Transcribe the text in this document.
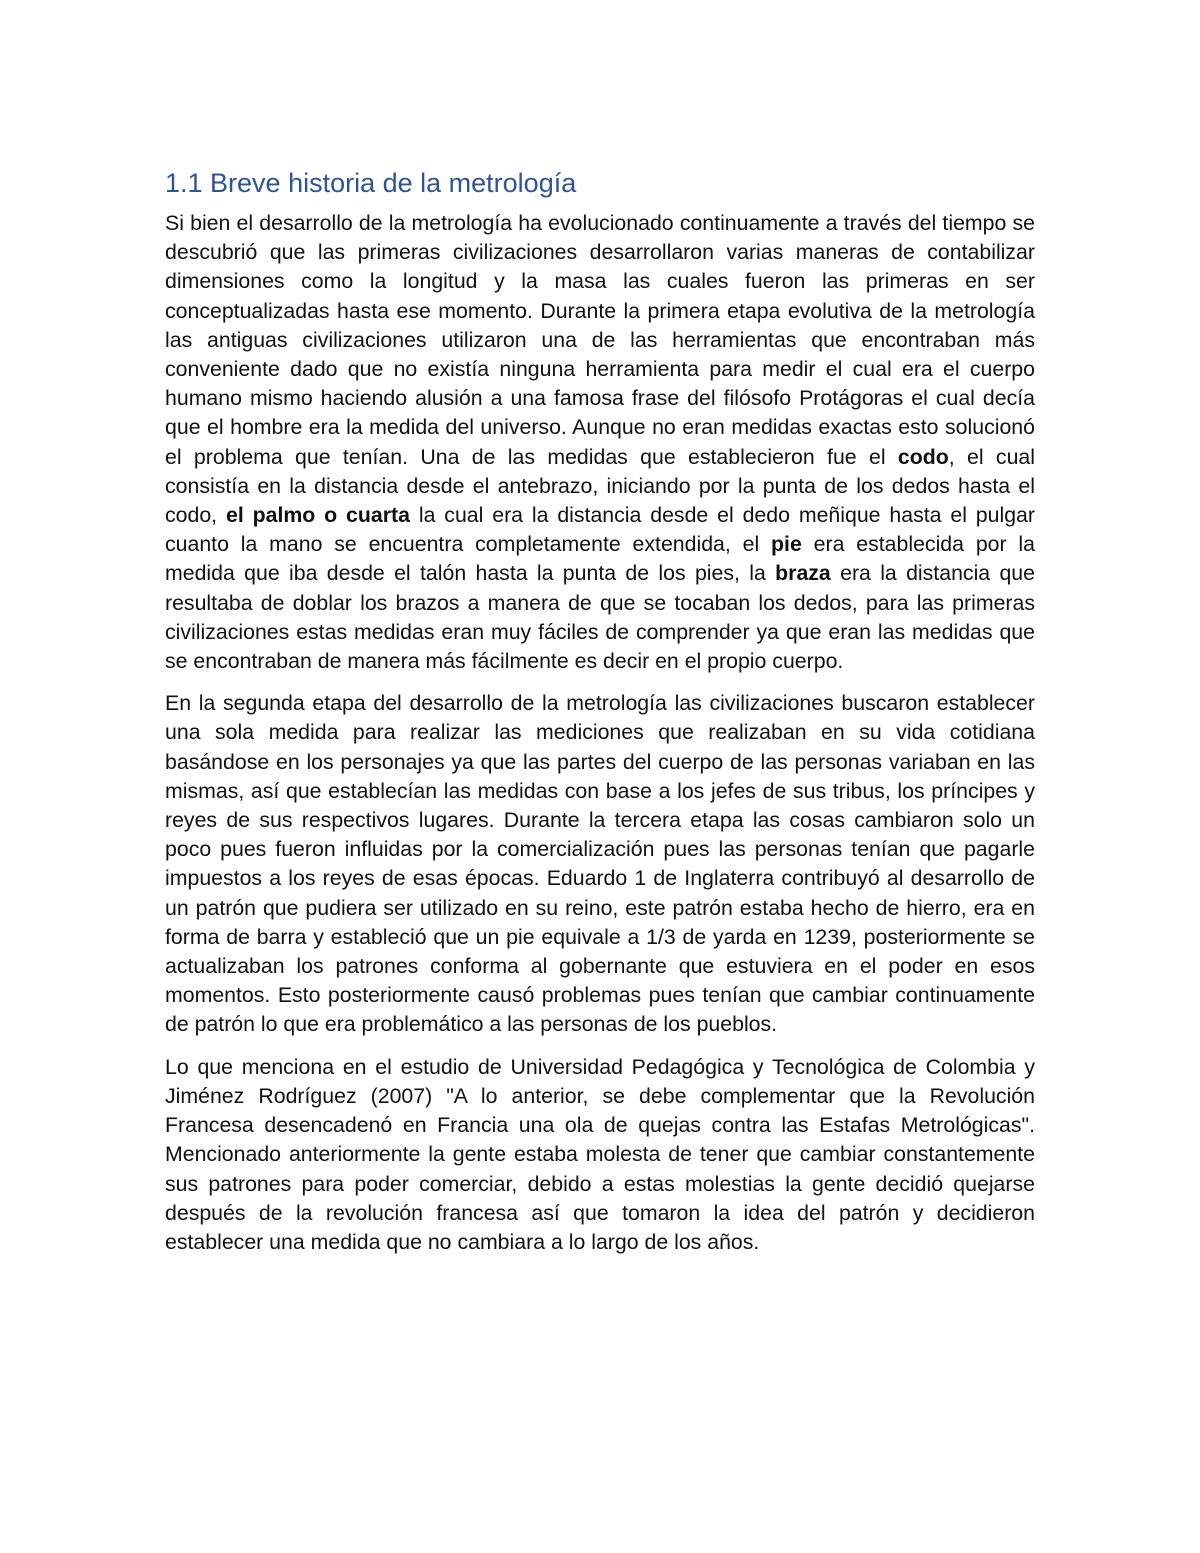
1.1 Breve historia de la metrología

Si bien el desarrollo de la metrología ha evolucionado continuamente a través del tiempo se descubrió que las primeras civilizaciones desarrollaron varias maneras de contabilizar dimensiones como la longitud y la masa las cuales fueron las primeras en ser conceptualizadas hasta ese momento. Durante la primera etapa evolutiva de la metrología las antiguas civilizaciones utilizaron una de las herramientas que encontraban más conveniente dado que no existía ninguna herramienta para medir el cual era el cuerpo humano mismo haciendo alusión a una famosa frase del filósofo Protágoras el cual decía que el hombre era la medida del universo. Aunque no eran medidas exactas esto solucionó el problema que tenían. Una de las medidas que establecieron fue el codo, el cual consistía en la distancia desde el antebrazo, iniciando por la punta de los dedos hasta el codo, el palmo o cuarta la cual era la distancia desde el dedo meñique hasta el pulgar cuanto la mano se encuentra completamente extendida, el pie era establecida por la medida que iba desde el talón hasta la punta de los pies, la braza era la distancia que resultaba de doblar los brazos a manera de que se tocaban los dedos, para las primeras civilizaciones estas medidas eran muy fáciles de comprender ya que eran las medidas que se encontraban de manera más fácilmente es decir en el propio cuerpo.

En la segunda etapa del desarrollo de la metrología las civilizaciones buscaron establecer una sola medida para realizar las mediciones que realizaban en su vida cotidiana basándose en los personajes ya que las partes del cuerpo de las personas variaban en las mismas, así que establecían las medidas con base a los jefes de sus tribus, los príncipes y reyes de sus respectivos lugares. Durante la tercera etapa las cosas cambiaron solo un poco pues fueron influidas por la comercialización pues las personas tenían que pagarle impuestos a los reyes de esas épocas. Eduardo 1 de Inglaterra contribuyó al desarrollo de un patrón que pudiera ser utilizado en su reino, este patrón estaba hecho de hierro, era en forma de barra y estableció que un pie equivale a 1/3 de yarda en 1239, posteriormente se actualizaban los patrones conforma al gobernante que estuviera en el poder en esos momentos. Esto posteriormente causó problemas pues tenían que cambiar continuamente de patrón lo que era problemático a las personas de los pueblos.

Lo que menciona en el estudio de Universidad Pedagógica y Tecnológica de Colombia y Jiménez Rodríguez (2007) "A lo anterior, se debe complementar que la Revolución Francesa desencadenó en Francia una ola de quejas contra las Estafas Metrológicas". Mencionado anteriormente la gente estaba molesta de tener que cambiar constantemente sus patrones para poder comerciar, debido a estas molestias la gente decidió quejarse después de la revolución francesa así que tomaron la idea del patrón y decidieron establecer una medida que no cambiara a lo largo de los años.
